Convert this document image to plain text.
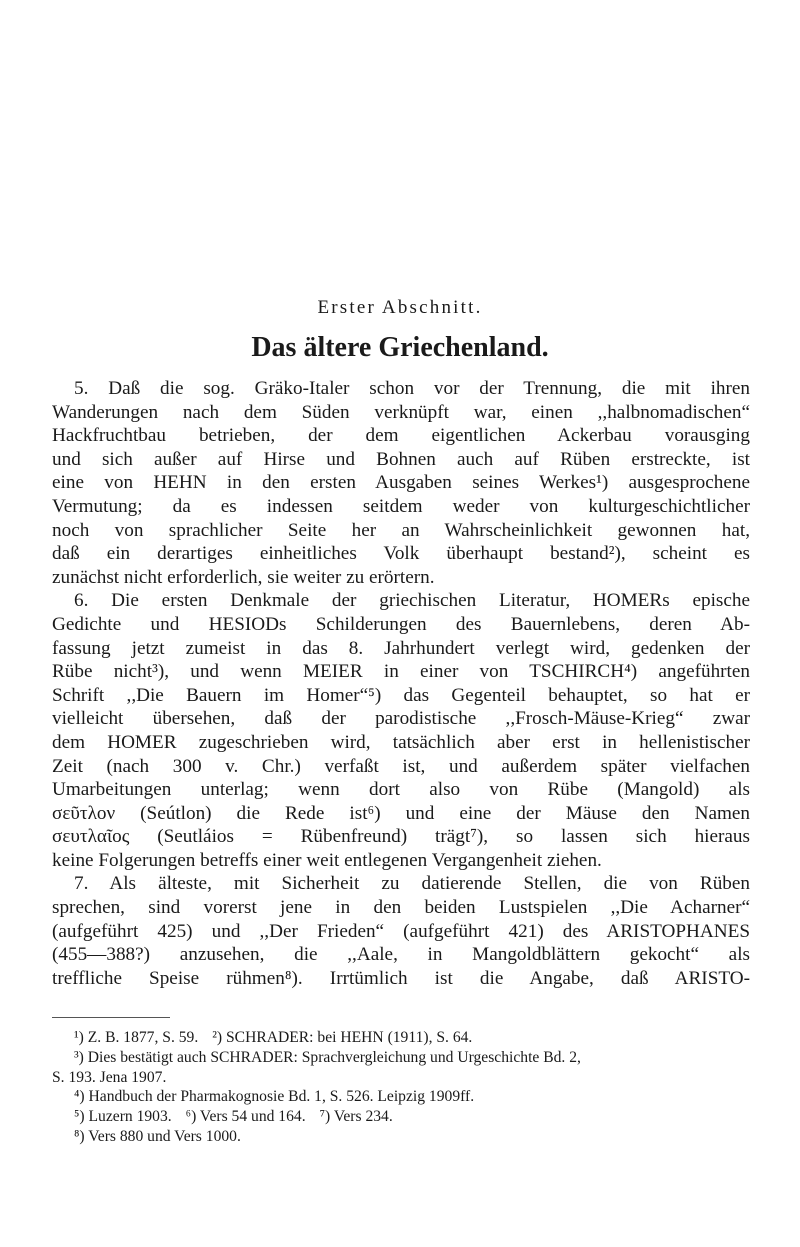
Erster Abschnitt.
Das ältere Griechenland.
5. Daß die sog. Gräko-Italer schon vor der Trennung, die mit ihren
Wanderungen nach dem Süden verknüpft war, einen ,,halbnomadischen“
Hackfruchtbau betrieben, der dem eigentlichen Ackerbau vorausging
und sich außer auf Hirse und Bohnen auch auf Rüben erstreckte, ist
eine von HEHN in den ersten Ausgaben seines Werkes¹) ausgesprochene
Vermutung; da es indessen seitdem weder von kulturgeschichtlicher
noch von sprachlicher Seite her an Wahrscheinlichkeit gewonnen hat,
daß ein derartiges einheitliches Volk überhaupt bestand²), scheint es
zunächst nicht erforderlich, sie weiter zu erörtern.
6. Die ersten Denkmale der griechischen Literatur, HOMERs epische
Gedichte und HESIODs Schilderungen des Bauernlebens, deren Ab-
fassung jetzt zumeist in das 8. Jahrhundert verlegt wird, gedenken der
Rübe nicht³), und wenn MEIER in einer von TSCHIRCH⁴) angeführten
Schrift ,,Die Bauern im Homer“⁵) das Gegenteil behauptet, so hat er
vielleicht übersehen, daß der parodistische ,,Frosch-Mäuse-Krieg“ zwar
dem HOMER zugeschrieben wird, tatsächlich aber erst in hellenistischer
Zeit (nach 300 v. Chr.) verfaßt ist, und außerdem später vielfachen
Umarbeitungen unterlag; wenn dort also von Rübe (Mangold) als
σεῦτλον (Seútlon) die Rede ist⁶) und eine der Mäuse den Namen
σευτλαῖος (Seutláios = Rübenfreund) trägt⁷), so lassen sich hieraus
keine Folgerungen betreffs einer weit entlegenen Vergangenheit ziehen.
7. Als älteste, mit Sicherheit zu datierende Stellen, die von Rüben
sprechen, sind vorerst jene in den beiden Lustspielen ,,Die Acharner“
(aufgeführt 425) und ,,Der Frieden“ (aufgeführt 421) des ARISTOPHANES
(455—388?) anzusehen, die ,,Aale, in Mangoldblättern gekocht“ als
treffliche Speise rühmen⁸). Irrtümlich ist die Angabe, daß ARISTO-
¹) Z. B. 1877, S. 59. ²) SCHRADER: bei HEHN (1911), S. 64.
³) Dies bestätigt auch SCHRADER: Sprachvergleichung und Urgeschichte Bd. 2,
S. 193. Jena 1907.
⁴) Handbuch der Pharmakognosie Bd. 1, S. 526. Leipzig 1909ff.
⁵) Luzern 1903. ⁶) Vers 54 und 164. ⁷) Vers 234.
⁸) Vers 880 und Vers 1000.
